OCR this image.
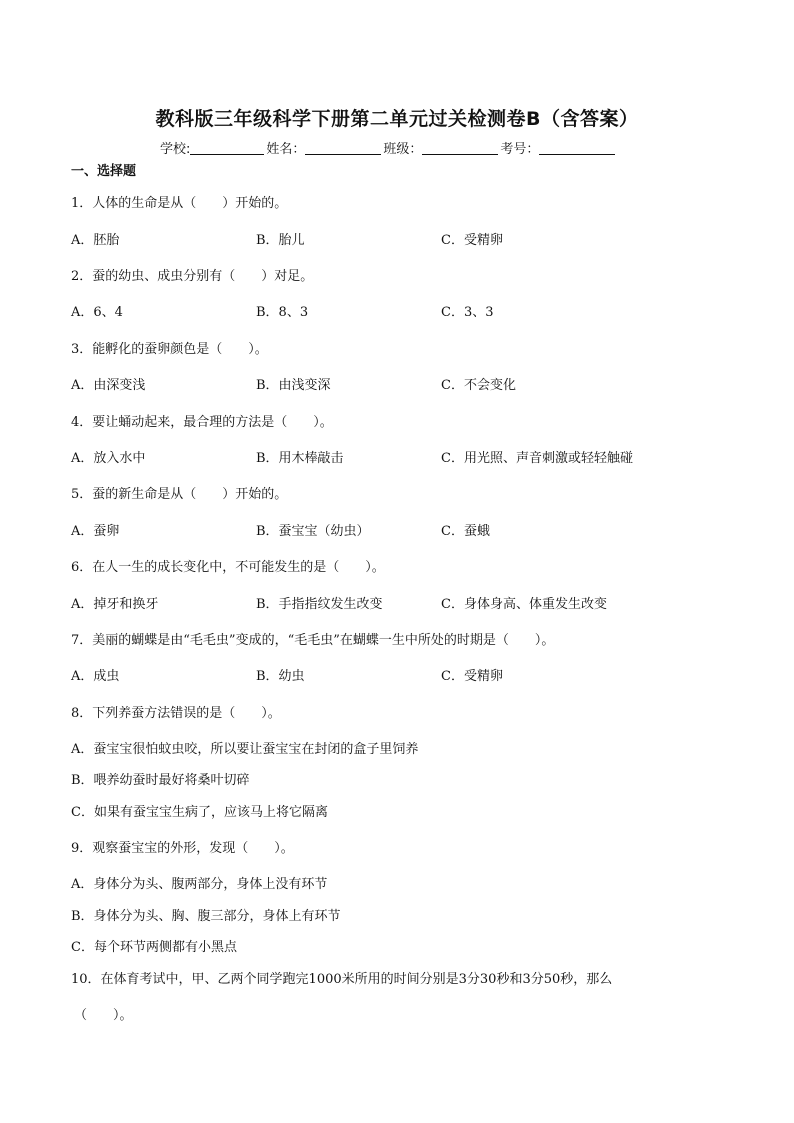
教科版三年级科学下册第二单元过关检测卷B（含答案）
学校:	姓名：	班级：	考号：
一、选择题
1．人体的生命是从（　　）开始的。
A．胚胎	B．胎儿	C．受精卵
2．蚕的幼虫、成虫分别有（　　）对足。
A．6、4	B．8、3	C．3、3
3．能孵化的蚕卵颜色是（　　）。
A．由深变浅	B．由浅变深	C．不会变化
4．要让蛹动起来，最合理的方法是（　　）。
A．放入水中	B．用木棒敲击	C．用光照、声音刺激或轻轻触碰
5．蚕的新生命是从（　　）开始的。
A．蚕卵	B．蚕宝宝（幼虫）	C．蚕蛾
6．在人一生的成长变化中，不可能发生的是（　　）。
A．掉牙和换牙	B．手指指纹发生改变	C．身体身高、体重发生改变
7．美丽的蝴蝶是由“毛毛虫”变成的，“毛毛虫”在蝴蝶一生中所处的时期是（　　）。
A．成虫	B．幼虫	C．受精卵
8．下列养蚕方法错误的是（　　）。
A．蚕宝宝很怕蚊虫咬，所以要让蚕宝宝在封闭的盒子里饲养
B．喂养幼蚕时最好将桑叶切碎
C．如果有蚕宝宝生病了，应该马上将它隔离
9．观察蚕宝宝的外形，发现（　　）。
A．身体分为头、腹两部分，身体上没有环节
B．身体分为头、胸、腹三部分，身体上有环节
C．每个环节两侧都有小黑点
10．在体育考试中，甲、乙两个同学跑完1000米所用的时间分别是3分30秒和3分50秒，那么
（　　）。
